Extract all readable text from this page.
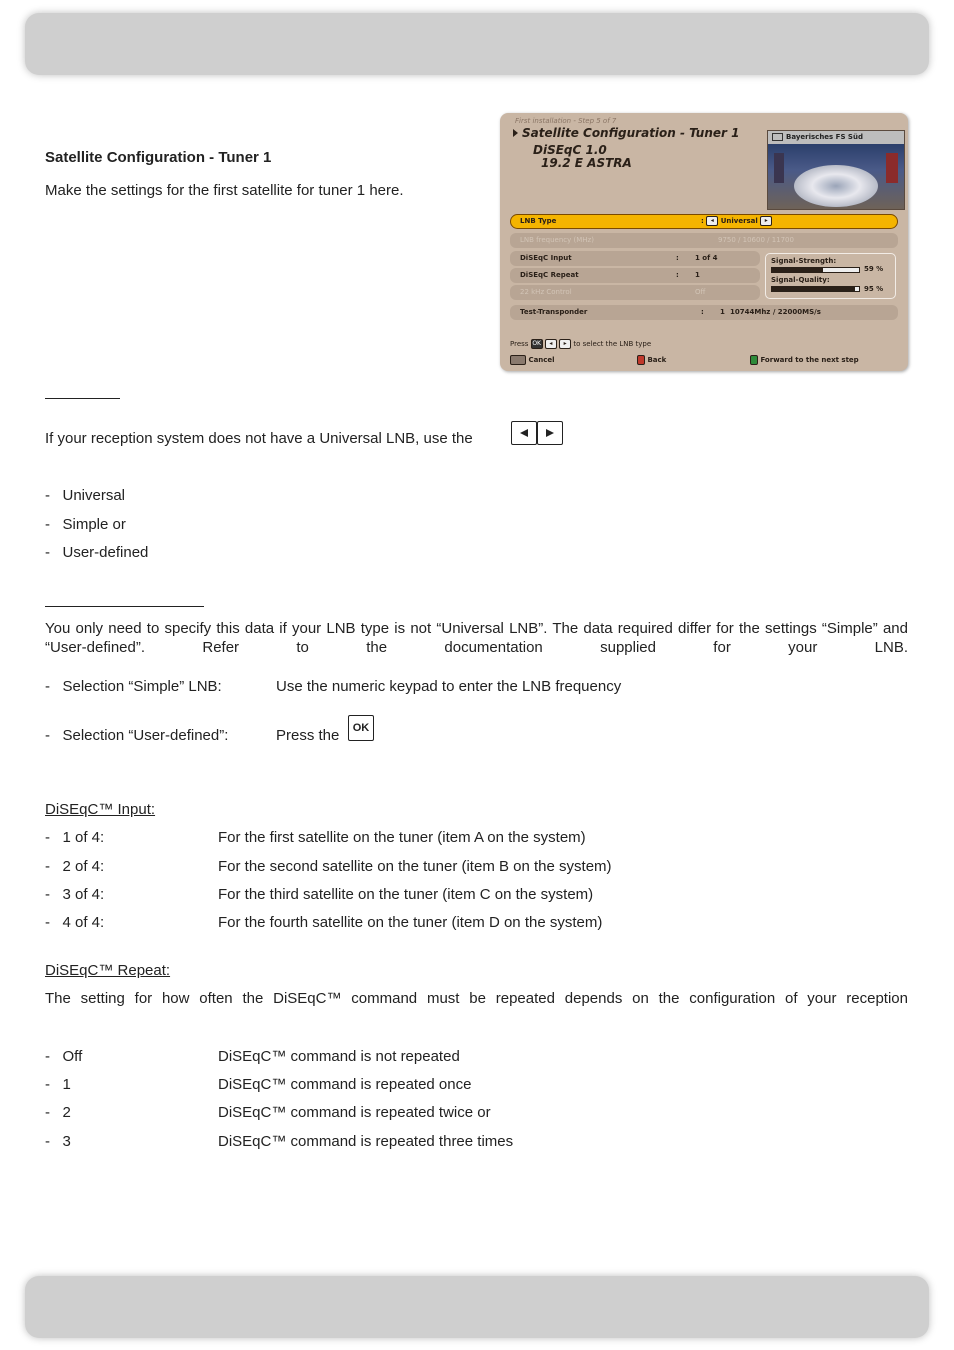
Satellite Configuration - Tuner 1
Make the settings for the first satellite for tuner 1 here.
First installation - Step 5 of 7
Satellite Configuration - Tuner 1
DiSEqC 1.0
19.2 E ASTRA
Bayerisches FS Süd
LNB Type	: ◂ Universal ▸
LNB frequency (MHz)	9750 / 10600 / 11700
DiSEqC Input	: 1 of 4
DiSEqC Repeat	: 1
22 kHz Control	Off
Signal-Strength:
59 %
Signal-Quality:
95 %
Test-Transponder	: 1 10744Mhz / 22000MS/s
Press OK ◂ ▸ to select the LNB type
Cancel	Back	Forward to the next step
If your reception system does not have a Universal LNB, use the
-   Universal
-   Simple or
-   User-defined
You only need to specify this data if your LNB type is not “Universal LNB”. The data required differ for the settings “Simple” and “User-defined”. Refer to the documentation supplied for your LNB.
-   Selection “Simple” LNB:	Use the numeric keypad to enter the LNB frequency
-   Selection “User-defined”:	Press the	OK
DiSEqC™ Input:
-   1 of 4:	For the first satellite on the tuner (item A on the system)
-   2 of 4:	For the second satellite on the tuner (item B on the system)
-   3 of 4:	For the third satellite on the tuner (item C on the system)
-   4 of 4:	For the fourth satellite on the tuner (item D on the system)
DiSEqC™ Repeat:
The setting for how often the DiSEqC™ command must be repeated depends on the configuration of your reception
-   Off	DiSEqC™ command is not repeated
-   1	DiSEqC™ command is repeated once
-   2	DiSEqC™ command is repeated twice or
-   3	DiSEqC™ command is repeated three times
